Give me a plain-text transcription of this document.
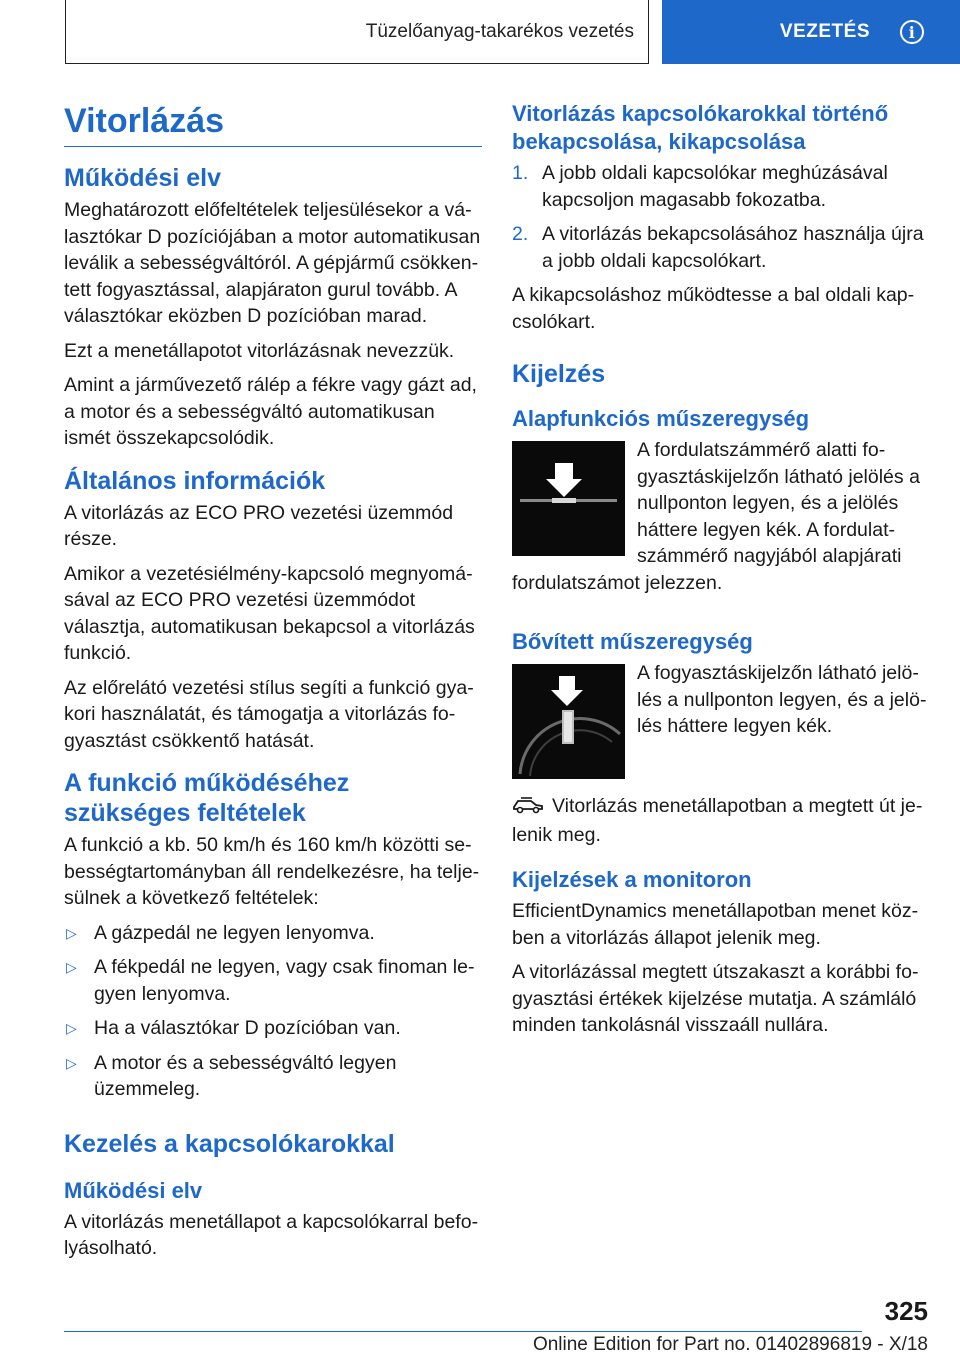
Tüzelőanyag-takarékos vezetés	VEZETÉS	i
Vitorlázás
Működési elv

Meghatározott előfeltételek teljesülésekor a választókar D pozíciójában a motor automatikusan leválik a sebességváltóról. A gépjármű csökkentett fogyasztással, alapjáraton gurul tovább. A választókar eközben D pozícióban marad.

Ezt a menetállapotot vitorlázásnak nevezzük.

Amint a járművezető rálép a fékre vagy gázt ad, a motor és a sebességváltó automatikusan ismét összekapcsolódik.

Általános információk

A vitorlázás az ECO PRO vezetési üzemmód része.

Amikor a vezetésiélmény-kapcsoló megnyomásával az ECO PRO vezetési üzemmódot választja, automatikusan bekapcsol a vitorlázás funkció.

Az előrelátó vezetési stílus segíti a funkció gyakori használatát, és támogatja a vitorlázás fogyasztást csökkentő hatását.

A funkció működéséhez szükséges feltételek

A funkció a kb. 50 km/h és 160 km/h közötti sebességtartományban áll rendelkezésre, ha teljesülnek a következő feltételek:

▷ A gázpedál ne legyen lenyomva.
▷ A fékpedál ne legyen, vagy csak finoman legyen lenyomva.
▷ Ha a választókar D pozícióban van.
▷ A motor és a sebességváltó legyen üzemmeleg.
Kezelés a kapcsolókarokkal
Működési elv

A vitorlázás menetállapot a kapcsolókarral befolyásolható.

Vitorlázás kapcsolókarokkal történő bekapcsolása, kikapcsolása
1. A jobb oldali kapcsolókar meghúzásával kapcsoljon magasabb fokozatba.
2. A vitorlázás bekapcsolásához használja újra a jobb oldali kapcsolókart.

A kikapcsoláshoz működtesse a bal oldali kapcsolókart.

Kijelzés
Alapfunkciós műszeregység

A fordulatszámmérő alatti fogyasztáskijelzőn látható jelölés a nullponton legyen, és a jelölés háttere legyen kék. A fordulatszámmérő nagyjából alapjárati fordulatszámot jelezzen.

Bővített műszeregység

A fogyasztáskijelzőn látható jelölés a nullponton legyen, és a jelölés háttere legyen kék.

Vitorlázás menetállapotban a megtett út jelenik meg.

Kijelzések a monitoron

EfficientDynamics menetállapotban menet közben a vitorlázás állapot jelenik meg.

A vitorlázással megtett útszakaszt a korábbi fogyasztási értékek kijelzése mutatja. A számláló minden tankolásnál visszaáll nullára.

325
Online Edition for Part no. 01402896819 - X/18
